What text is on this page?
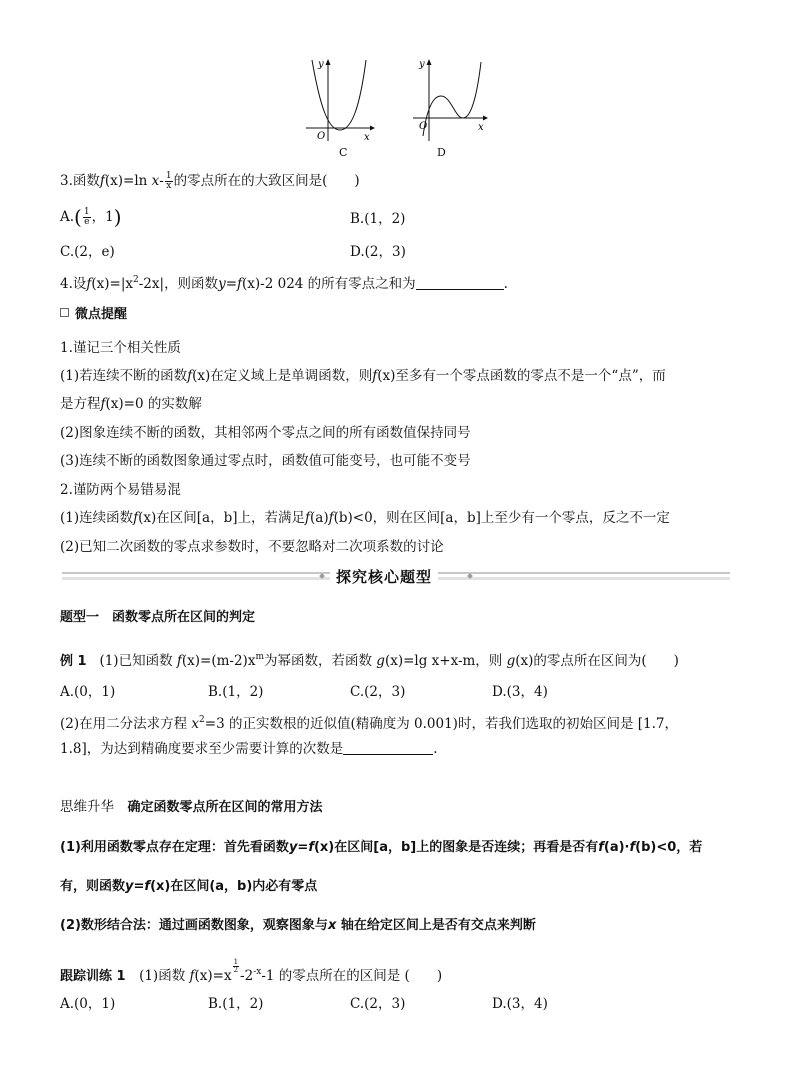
y
x
O
C
y
x
O
D
3.函数f(x)=ln $x- \frac{1}{x}$ 的零点所在的大致区间是(　　)
$A.( \frac{1}{e}$ ，1)	B.(1，2)
C.(2，e)	D.(2，3)
4.设$f(x)=|x^2-2x|$，则函数y=f(x)-2 024 的所有零点之和为	.
微点提醒
1.谨记三个相关性质
(1)若连续不断的函数f(x)在定义域上是单调函数，则f(x)至多有一个零点函数的零点不是一个“点”，而
是方程f(x)=0 的实数解
(2)图象连续不断的函数，其相邻两个零点之间的所有函数值保持同号
(3)连续不断的函数图象通过零点时，函数值可能变号，也可能不变号
2.谨防两个易错易混
(1)连续函数f(x)在区间[a，b]上，若满足f(a)f(b)<0，则在区间[a，b]上至少有一个零点，反之不一定
(2)已知二次函数的零点求参数时，不要忽略对二次项系数的讨论
探究核心题型
题型一　函数零点所在区间的判定
例 1 (1)已知函数 $f(x)=(m-2)x^m$为幂函数，若函数 g(x)=lg x+x-m，则 g(x)的零点所在区间为(　　)
A.(0，1)	B.(1，2)	C.(2，3)	D.(3，4)
(2)在用二分法求方程 $x^2=3$ 的正实数根的近似值(精确度为 0.001)时，若我们选取的初始区间是 [1.7，
1.8]，为达到精确度要求至少需要计算的次数是	.
思维升华　确定函数零点所在区间的常用方法
(1)利用函数零点存在定理：首先看函数y=f(x)在区间[a，b]上的图象是否连续；再看是否有f(a)·f(b)<0，若
有，则函数y=f(x)在区间(a，b)内必有零点
(2)数形结合法：通过画函数图象，观察图象与x 轴在给定区间上是否有交点来判断
跟踪训练 1　(1)函数 f(x)=x
$\frac{1}{2}$
$-2^{-x}-1$ 的零点所在的区间是 (　　)
A.(0，1)	B.(1，2)	C.(2，3)	D.(3，4)
